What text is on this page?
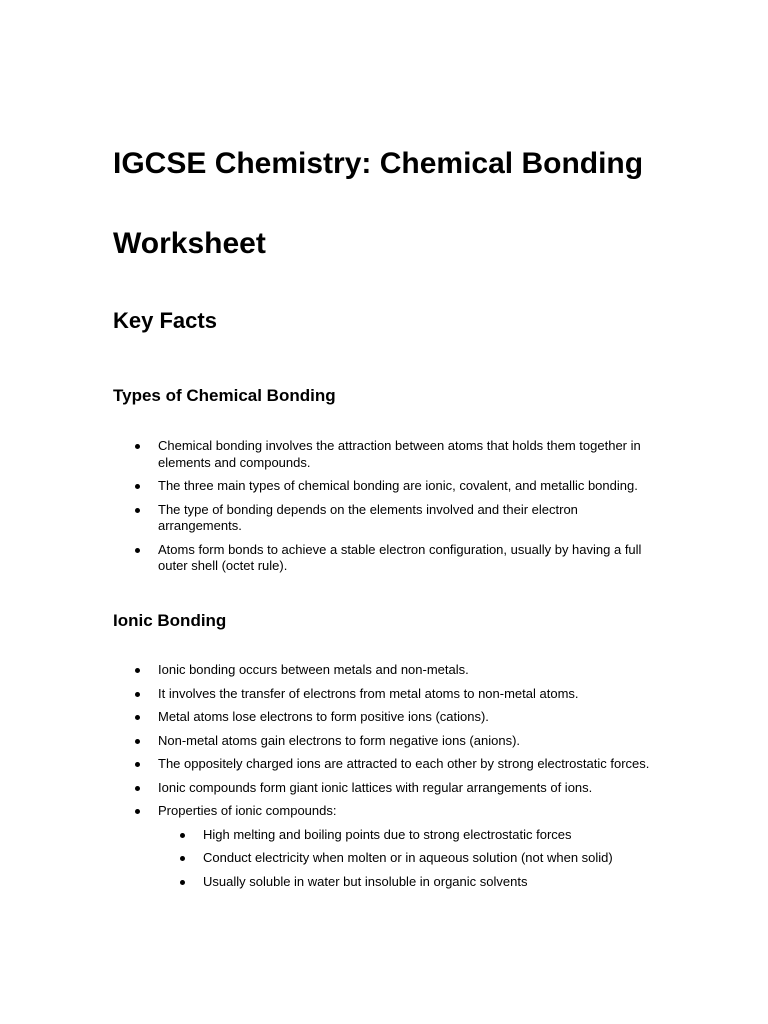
IGCSE Chemistry: Chemical Bonding Worksheet
Key Facts
Types of Chemical Bonding
Chemical bonding involves the attraction between atoms that holds them together in elements and compounds.
The three main types of chemical bonding are ionic, covalent, and metallic bonding.
The type of bonding depends on the elements involved and their electron arrangements.
Atoms form bonds to achieve a stable electron configuration, usually by having a full outer shell (octet rule).
Ionic Bonding
Ionic bonding occurs between metals and non-metals.
It involves the transfer of electrons from metal atoms to non-metal atoms.
Metal atoms lose electrons to form positive ions (cations).
Non-metal atoms gain electrons to form negative ions (anions).
The oppositely charged ions are attracted to each other by strong electrostatic forces.
Ionic compounds form giant ionic lattices with regular arrangements of ions.
Properties of ionic compounds:
High melting and boiling points due to strong electrostatic forces
Conduct electricity when molten or in aqueous solution (not when solid)
Usually soluble in water but insoluble in organic solvents
